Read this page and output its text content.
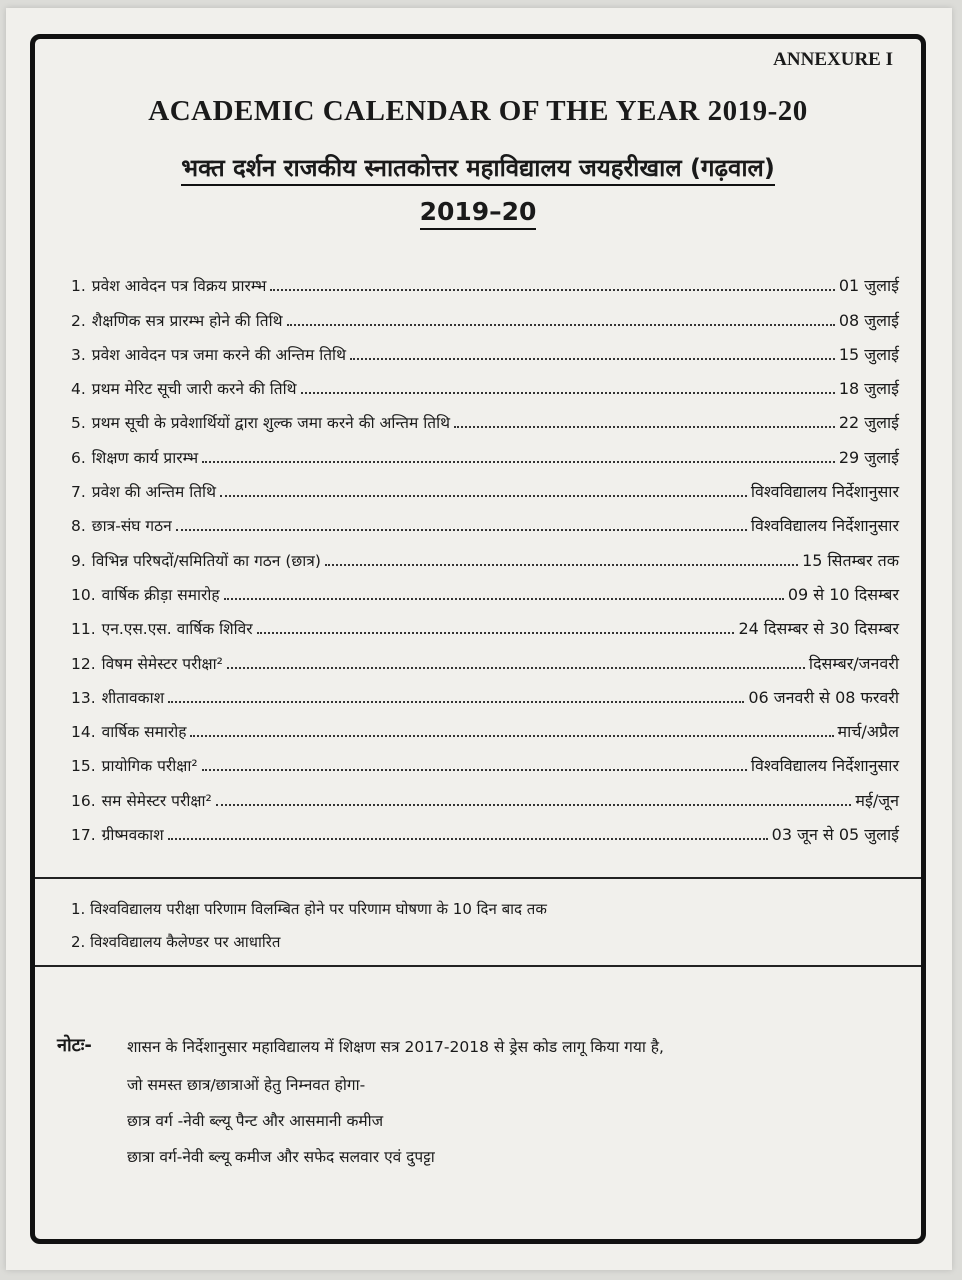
ANNEXURE I
ACADEMIC CALENDAR OF THE YEAR 2019-20
भक्त दर्शन राजकीय स्नातकोत्तर महाविद्यालय जयहरीखाल (गढ़वाल)
2019–20
1. प्रवेश आवेदन पत्र विक्रय प्रारम्भ	01 जुलाई
2. शैक्षणिक सत्र प्रारम्भ होने की तिथि	08 जुलाई
3. प्रवेश आवेदन पत्र जमा करने की अन्तिम तिथि	15 जुलाई
4. प्रथम मेरिट सूची जारी करने की तिथि	18 जुलाई
5. प्रथम सूची के प्रवेशार्थियों द्वारा शुल्क जमा करने की अन्तिम तिथि	22 जुलाई
6. शिक्षण कार्य प्रारम्भ	29 जुलाई
7. प्रवेश की अन्तिम तिथि	विश्वविद्यालय निर्देशानुसार
8. छात्र-संघ गठन	विश्वविद्यालय निर्देशानुसार
9. विभिन्न परिषदों/समितियों का गठन (छात्र)	15 सितम्बर तक
10. वार्षिक क्रीड़ा समारोह	09 से 10 दिसम्बर
11. एन.एस.एस. वार्षिक शिविर	24 दिसम्बर से 30 दिसम्बर
12. विषम सेमेस्टर परीक्षा²	दिसम्बर/जनवरी
13. शीतावकाश	06 जनवरी से 08 फरवरी
14. वार्षिक समारोह	मार्च/अप्रैल
15. प्रायोगिक परीक्षा²	विश्वविद्यालय निर्देशानुसार
16. सम सेमेस्टर परीक्षा²	मई/जून
17. ग्रीष्मवकाश	03 जून से 05 जुलाई
1. विश्वविद्यालय परीक्षा परिणाम विलम्बित होने पर परिणाम घोषणा के 10 दिन बाद तक
2. विश्वविद्यालय कैलेण्डर पर आधारित
नोटः- शासन के निर्देशानुसार महाविद्यालय में शिक्षण सत्र 2017-2018 से ड्रेस कोड लागू किया गया है,
जो समस्त छात्र/छात्राओं हेतु निम्नवत होगा-
छात्र वर्ग -नेवी ब्ल्यू पैन्ट और आसमानी कमीज
छात्रा वर्ग-नेवी ब्ल्यू कमीज और सफेद सलवार एवं दुपट्टा
